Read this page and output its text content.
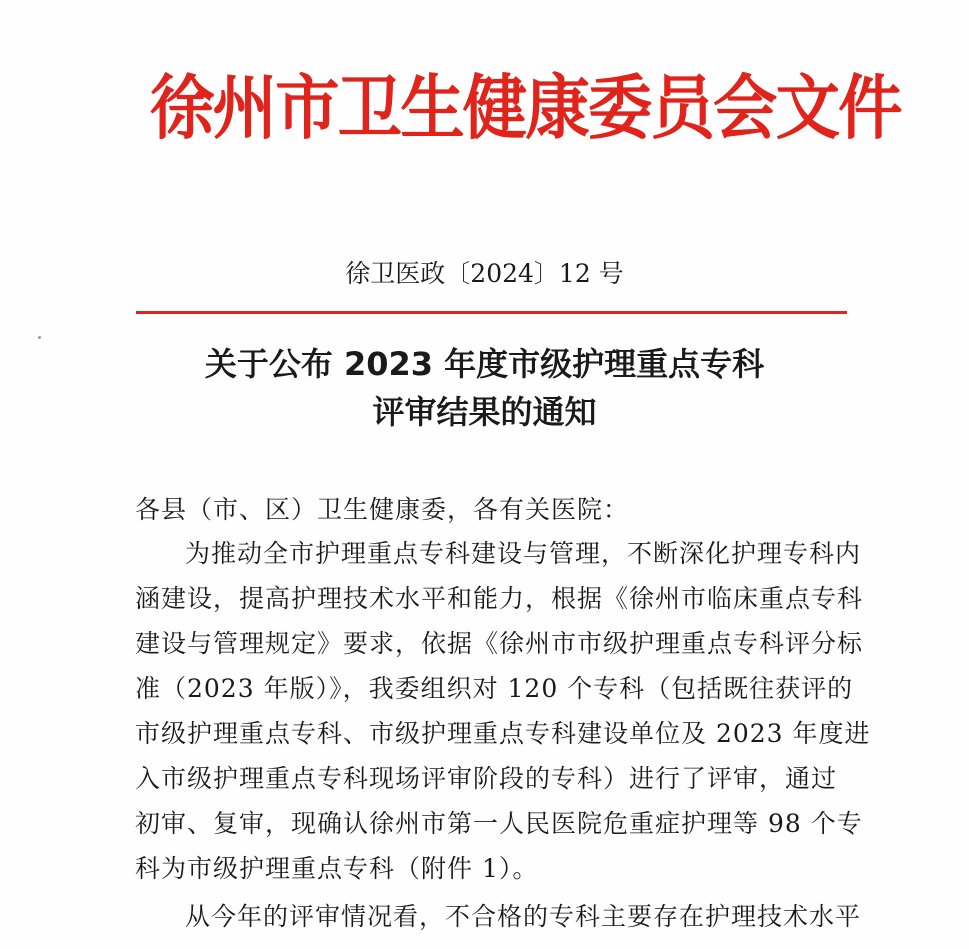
徐州市卫生健康委员会文件
徐卫医政〔2024〕12 号
关于公布 2023 年度市级护理重点专科
评审结果的通知
各县（市、区）卫生健康委，各有关医院：
为推动全市护理重点专科建设与管理，不断深化护理专科内
涵建设，提高护理技术水平和能力，根据《徐州市临床重点专科
建设与管理规定》要求，依据《徐州市市级护理重点专科评分标
准（2023 年版）》，我委组织对 120 个专科（包括既往获评的
市级护理重点专科、市级护理重点专科建设单位及 2023 年度进
入市级护理重点专科现场评审阶段的专科）进行了评审，通过
初审、复审，现确认徐州市第一人民医院危重症护理等 98 个专
科为市级护理重点专科（附件 1）。
从今年的评审情况看，不合格的专科主要存在护理技术水平
